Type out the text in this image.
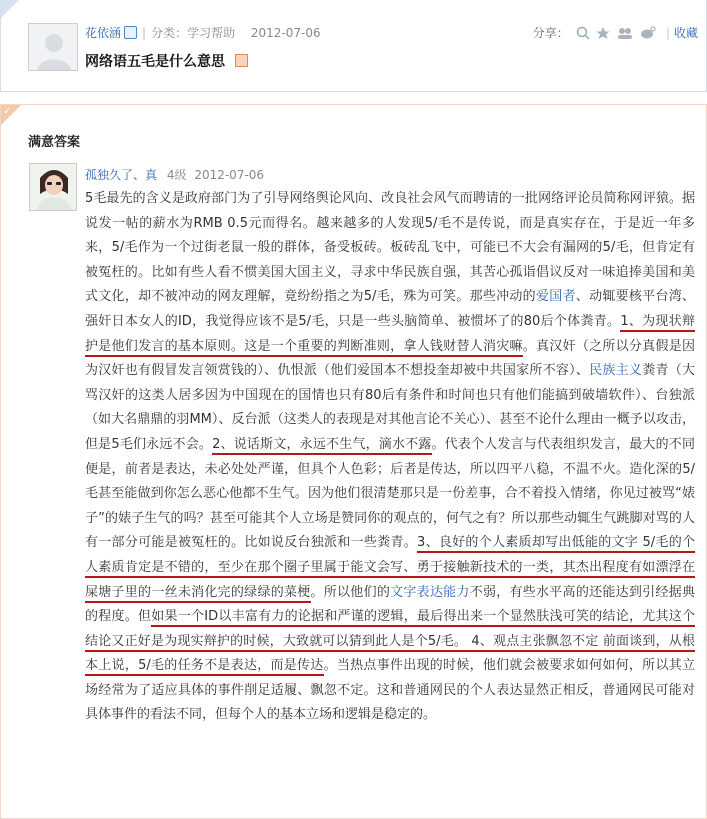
花依涵 | 分类：学习帮助 2012-07-06	分享：	| 收藏
网络语五毛是什么意思
✓
满意答案
孤独久了、真 4级 2012-07-06
5毛最先的含义是政府部门为了引导网络舆论风向、改良社会风气而聘请的一批网络评论员简称网评猿。据说发一帖的薪水为RMB 0.5元而得名。越来越多的人发现5/毛不是传说，而是真实存在，于是近一年多来，5/毛作为一个过街老鼠一般的群体，备受板砖。板砖乱飞中，可能已不大会有漏网的5/毛，但肯定有被冤枉的。比如有些人看不惯美国大国主义，寻求中华民族自强，其苦心孤诣倡议反对一味追捧美国和美式文化，却不被冲动的网友理解，竟纷纷指之为5/毛，殊为可笑。那些冲动的爱国者、动辄要核平台湾、强奸日本女人的ID，我觉得应该不是5/毛，只是一些头脑简单、被惯坏了的80后个体粪青。1、为现状辩护是他们发言的基本原则。这是一个重要的判断准则，拿人钱财替人消灾嘛。真汉奸（之所以分真假是因为汉奸也有假冒发言领赏钱的）、仇恨派（他们爱国本不想投奎却被中共国家所不容）、民族主义粪青（大骂汉奸的这类人居多因为中国现在的国情也只有80后有条件和时间也只有他们能搞到破墙软件）、台独派（如大名鼎鼎的羽MM）、反台派（这类人的表现是对其他言论不关心）、甚至不论什么理由一概予以攻击，但是5毛们永远不会。2、说话斯文，永远不生气，滴水不露。代表个人发言与代表组织发言，最大的不同便是，前者是表达，未必处处严谨，但具个人色彩；后者是传达，所以四平八稳，不温不火。造化深的5/毛甚至能做到你怎么恶心他都不生气。因为他们很清楚那只是一份差事，合不着投入情绪，你见过被骂“婊子”的婊子生气的吗？甚至可能其个人立场是赞同你的观点的，何气之有？所以那些动辄生气跳脚对骂的人有一部分可能是被冤枉的。比如说反台独派和一些粪青。3、良好的个人素质却写出低能的文字 5/毛的个人素质肯定是不错的，至少在那个圈子里属于能文会写、勇于接触新技术的一类，其杰出程度有如漂浮在屎塘子里的一丝未消化完的绿绿的菜梗。所以他们的文字表达能力不弱，有些水平高的还能达到引经据典的程度。但如果一个ID以丰富有力的论据和严谨的逻辑，最后得出来一个显然肤浅可笑的结论，尤其这个结论又正好是为现实辩护的时候，大致就可以猜到此人是个5/毛。 4、观点主张飘忽不定 前面谈到，从根本上说，5/毛的任务不是表达，而是传达。当热点事件出现的时候，他们就会被要求如何如何，所以其立场经常为了适应具体的事件削足适履、飘忽不定。这和普通网民的个人表达显然正相反，普通网民可能对具体事件的看法不同，但每个人的基本立场和逻辑是稳定的。
